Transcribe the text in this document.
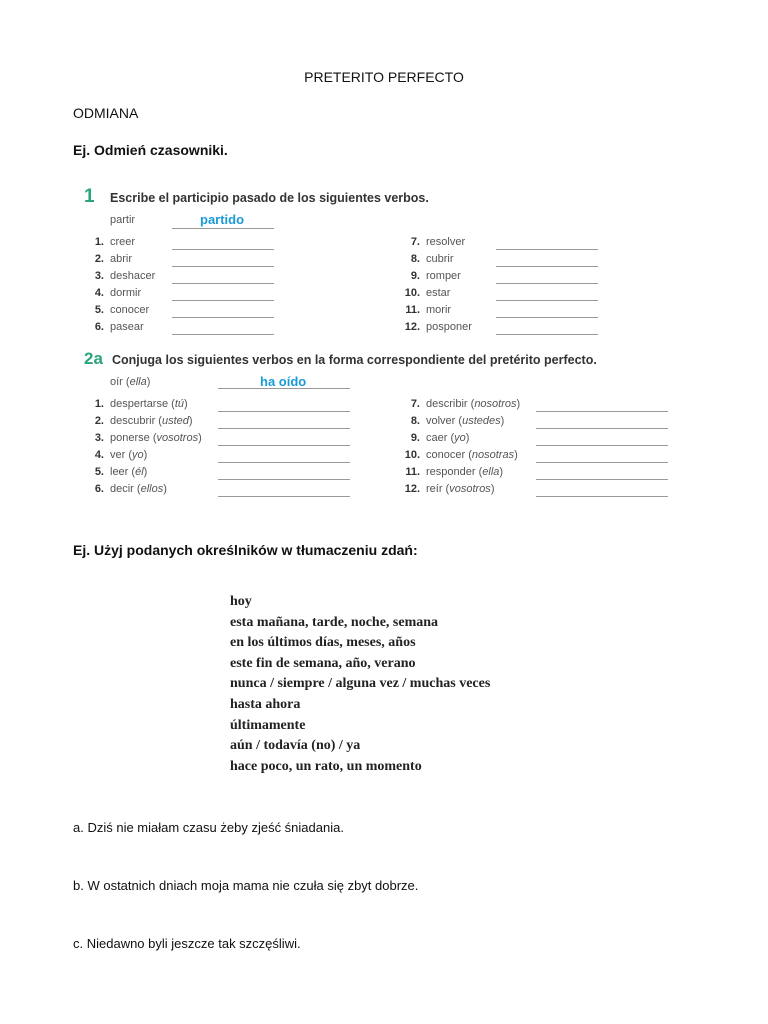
PRETERITO PERFECTO
ODMIANA
Ej. Odmień czasowniki.
1 Escribe el participio pasado de los siguientes verbos.
partir	partido
1. creer
2. abrir
3. deshacer
4. dormir
5. conocer
6. pasear
7. resolver
8. cubrir
9. romper
10. estar
11. morir
12. posponer
2a Conjuga los siguientes verbos en la forma correspondiente del pretérito perfecto.
oír (ella)	ha oído
1. despertarse (tú)
2. descubrir (usted)
3. ponerse (vosotros)
4. ver (yo)
5. leer (él)
6. decir (ellos)
7. describir (nosotros)
8. volver (ustedes)
9. caer (yo)
10. conocer (nosotras)
11. responder (ella)
12. reír (vosotros)
Ej. Użyj podanych określników w tłumaczeniu zdań:
hoy
esta mañana, tarde, noche, semana
en los últimos días, meses, años
este fin de semana, año, verano
nunca / siempre / alguna vez / muchas veces
hasta ahora
últimamente
aún / todavía (no) / ya
hace poco, un rato, un momento
a. Dziś nie miałam czasu żeby zjeść śniadania.
b. W ostatnich dniach moja mama nie czuła się zbyt dobrze.
c. Niedawno byli jeszcze tak szczęśliwi.
